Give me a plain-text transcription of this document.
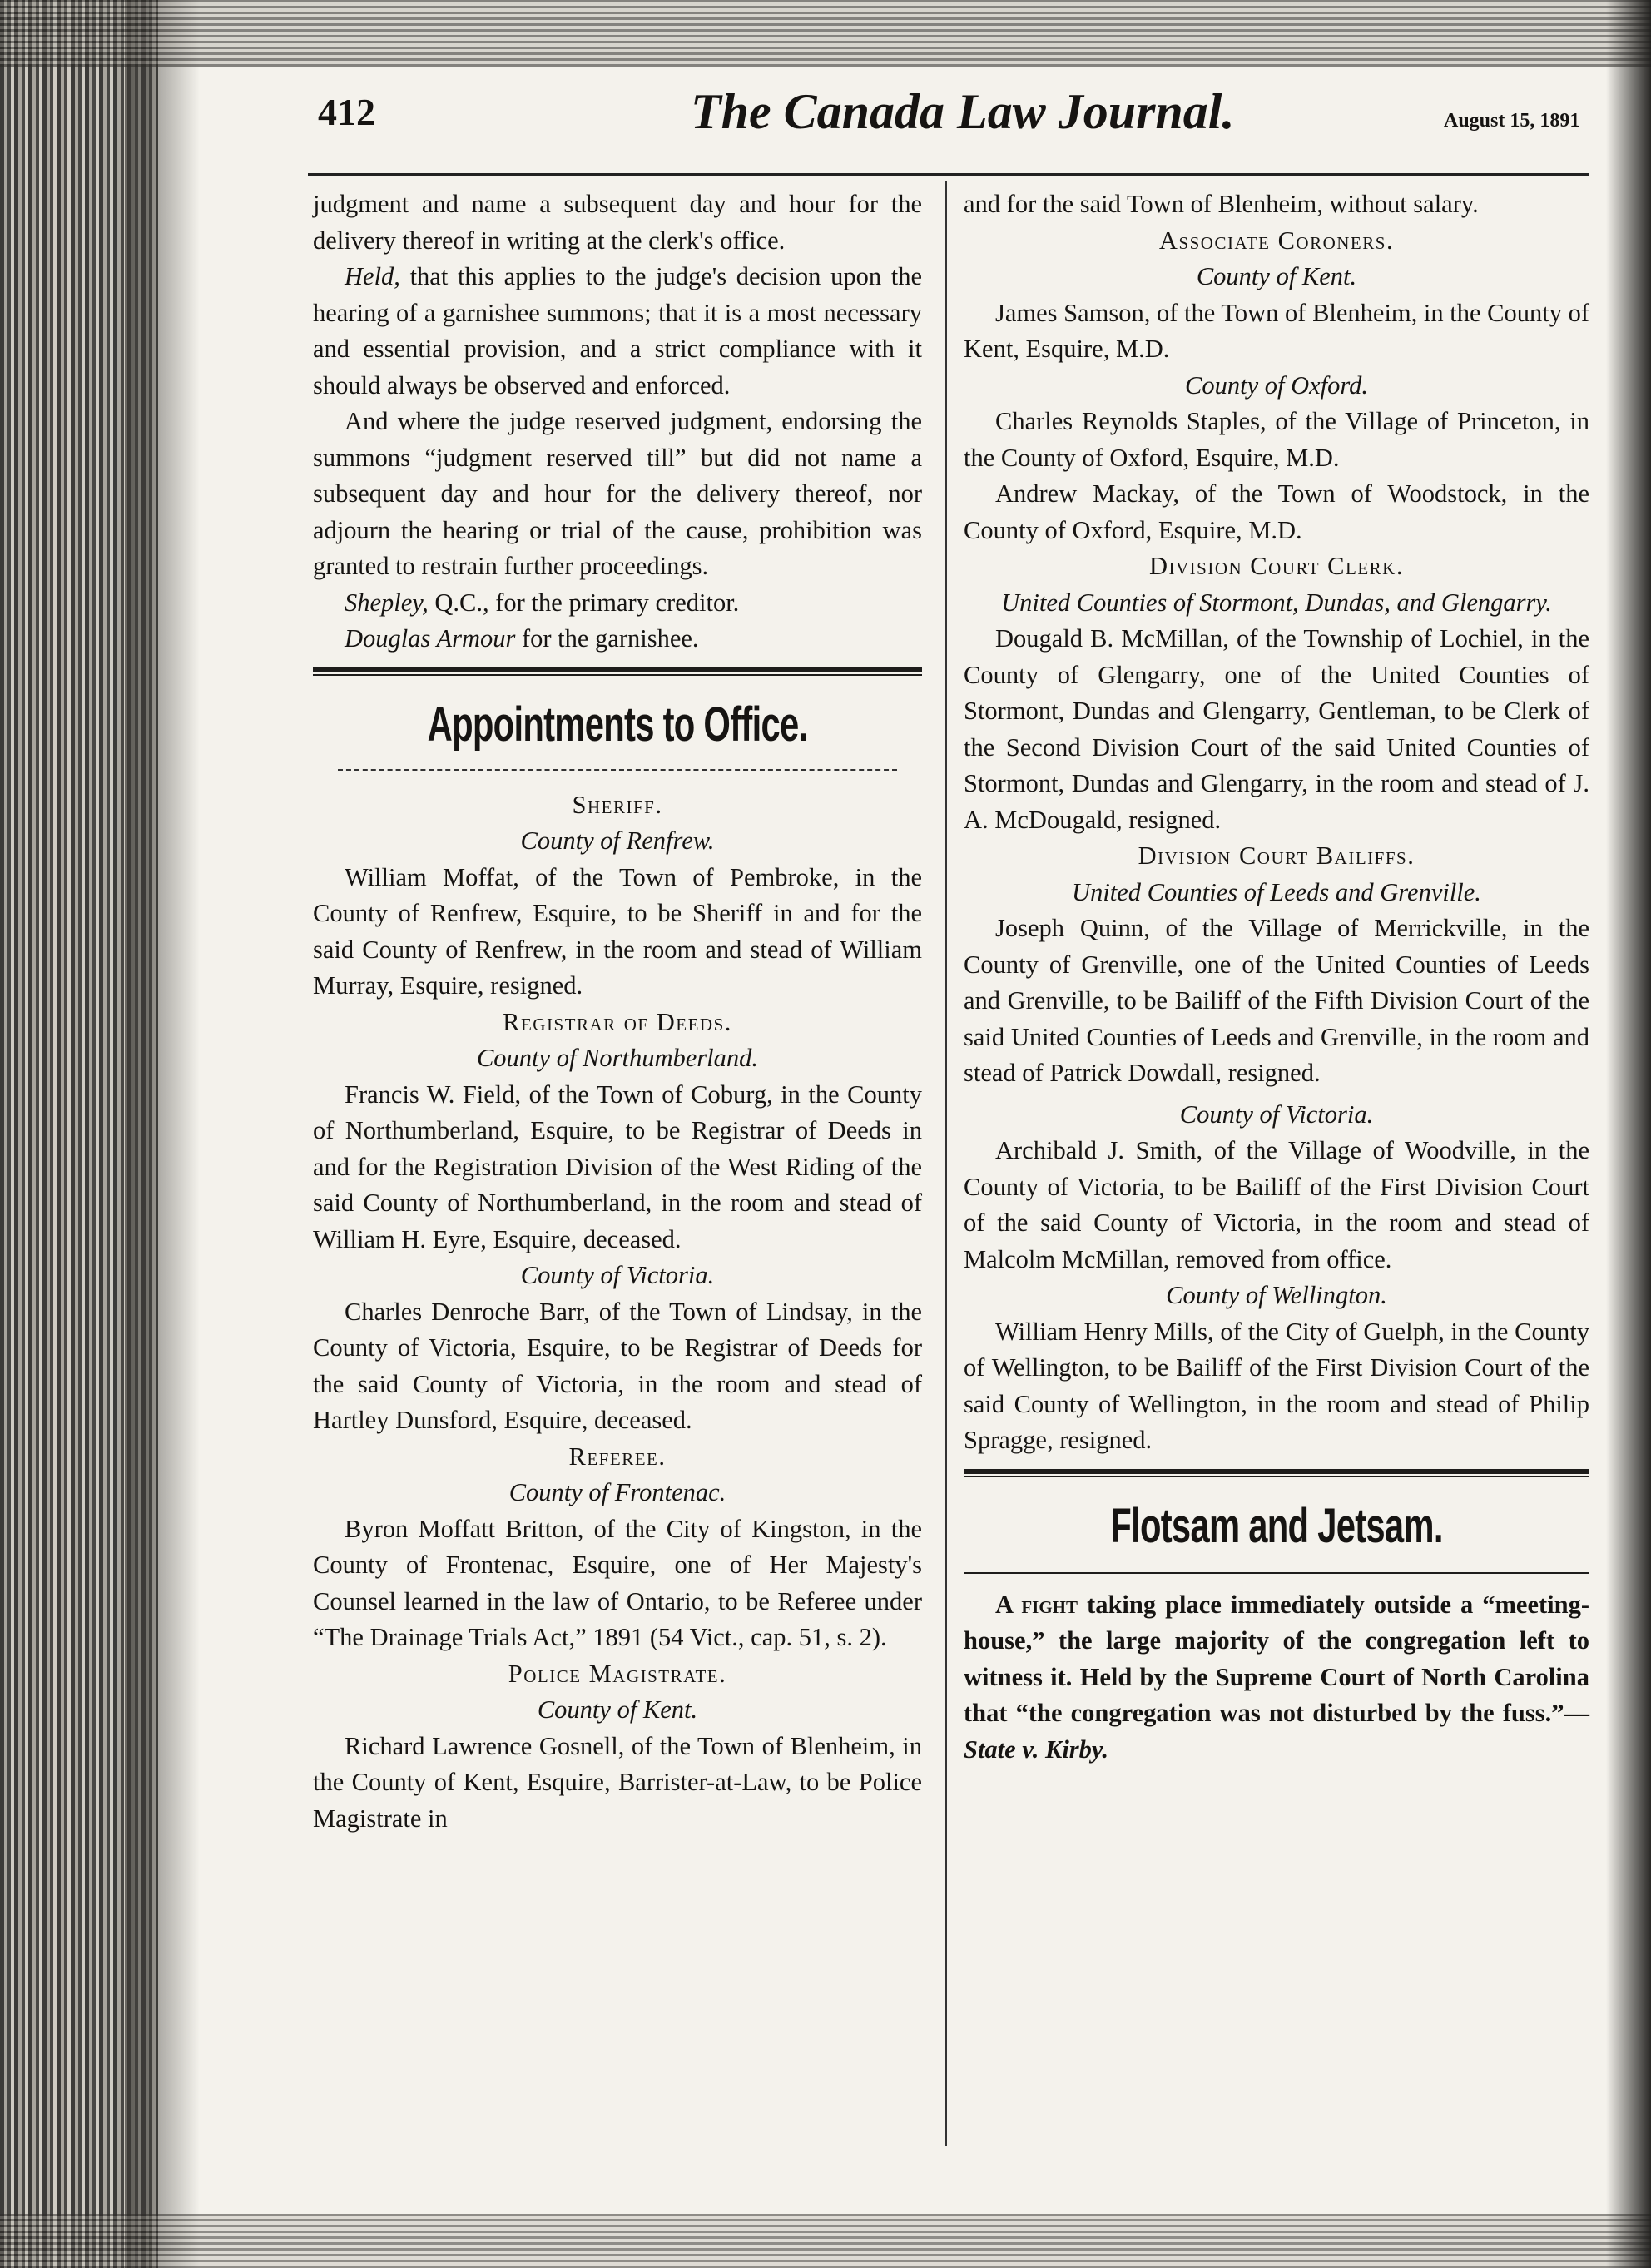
412	The Canada Law Journal.	August 15, 1891

judgment and name a subsequent day and hour for the delivery thereof in writing at the clerk's office.

Held, that this applies to the judge's decision upon the hearing of a garnishee summons; that it is a most necessary and essential provision, and a strict compliance with it should always be observed and enforced.

And where the judge reserved judgment, endorsing the summons “judgment reserved till” but did not name a subsequent day and hour for the delivery thereof, nor adjourn the hearing or trial of the cause, prohibition was granted to restrain further proceedings.

Shepley, Q.C., for the primary creditor.

Douglas Armour for the garnishee.

Appointments to Office.

Sheriff.

County of Renfrew.

William Moffat, of the Town of Pembroke, in the County of Renfrew, Esquire, to be Sheriff in and for the said County of Renfrew, in the room and stead of William Murray, Esquire, resigned.

Registrar of Deeds.

County of Northumberland.

Francis W. Field, of the Town of Coburg, in the County of Northumberland, Esquire, to be Registrar of Deeds in and for the Registration Division of the West Riding of the said County of Northumberland, in the room and stead of William H. Eyre, Esquire, deceased.

County of Victoria.

Charles Denroche Barr, of the Town of Lindsay, in the County of Victoria, Esquire, to be Registrar of Deeds for the said County of Victoria, in the room and stead of Hartley Dunsford, Esquire, deceased.

Referee.

County of Frontenac.

Byron Moffatt Britton, of the City of Kingston, in the County of Frontenac, Esquire, one of Her Majesty's Counsel learned in the law of Ontario, to be Referee under “The Drainage Trials Act,” 1891 (54 Vict., cap. 51, s. 2).

Police Magistrate.

County of Kent.

Richard Lawrence Gosnell, of the Town of Blenheim, in the County of Kent, Esquire, Barrister-at-Law, to be Police Magistrate in

and for the said Town of Blenheim, without salary.

Associate Coroners.

County of Kent.

James Samson, of the Town of Blenheim, in the County of Kent, Esquire, M.D.

County of Oxford.

Charles Reynolds Staples, of the Village of Princeton, in the County of Oxford, Esquire, M.D.

Andrew Mackay, of the Town of Woodstock, in the County of Oxford, Esquire, M.D.

Division Court Clerk.

United Counties of Stormont, Dundas, and Glengarry.

Dougald B. McMillan, of the Township of Lochiel, in the County of Glengarry, one of the United Counties of Stormont, Dundas and Glengarry, Gentleman, to be Clerk of the Second Division Court of the said United Counties of Stormont, Dundas and Glengarry, in the room and stead of J. A. McDougald, resigned.

Division Court Bailiffs.

United Counties of Leeds and Grenville.

Joseph Quinn, of the Village of Merrickville, in the County of Grenville, one of the United Counties of Leeds and Grenville, to be Bailiff of the Fifth Division Court of the said United Counties of Leeds and Grenville, in the room and stead of Patrick Dowdall, resigned.

County of Victoria.

Archibald J. Smith, of the Village of Woodville, in the County of Victoria, to be Bailiff of the First Division Court of the said County of Victoria, in the room and stead of Malcolm McMillan, removed from office.

County of Wellington.

William Henry Mills, of the City of Guelph, in the County of Wellington, to be Bailiff of the First Division Court of the said County of Wellington, in the room and stead of Philip Spragge, resigned.

Flotsam and Jetsam.

A fight taking place immediately outside a “meeting-house,” the large majority of the congregation left to witness it. Held by the Supreme Court of North Carolina that “the congregation was not disturbed by the fuss.”—State v. Kirby.
